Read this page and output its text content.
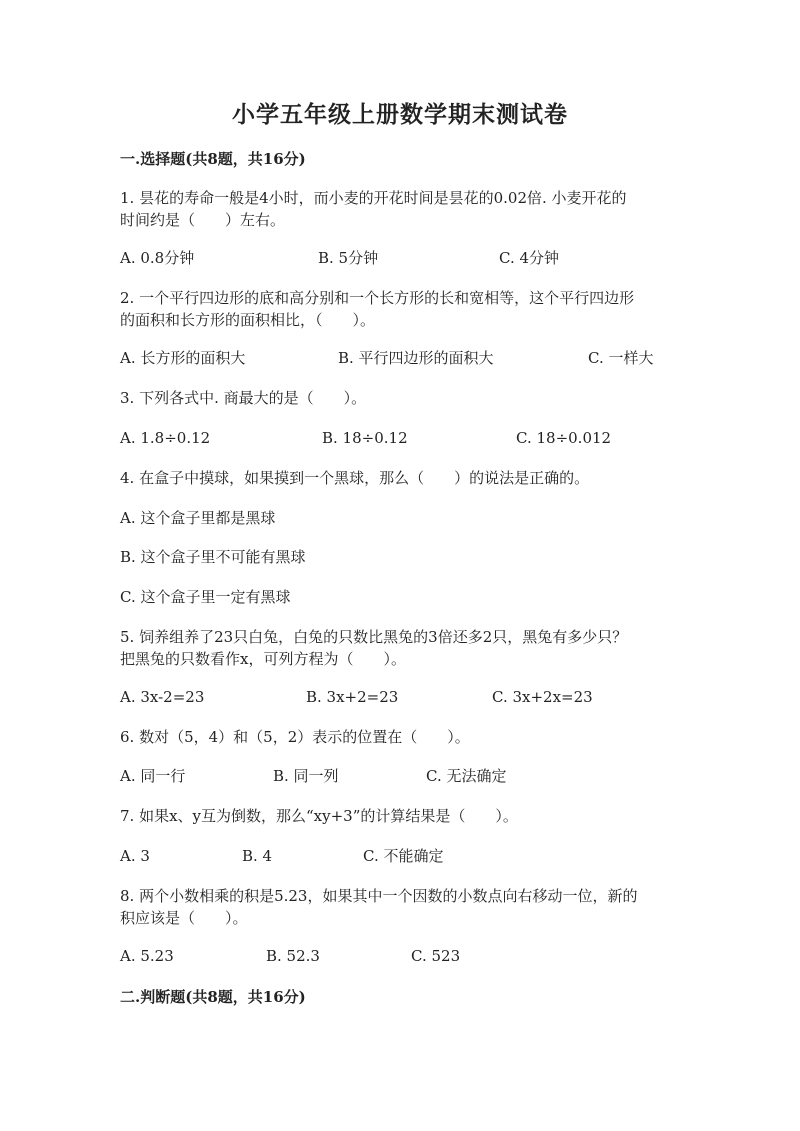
小学五年级上册数学期末测试卷
一.选择题(共8题，共16分)
1. 昙花的寿命一般是4小时，而小麦的开花时间是昙花的0.02倍. 小麦开花的
时间约是（　　）左右。
A. 0.8分钟	B. 5分钟	C. 4分钟
2. 一个平行四边形的底和高分别和一个长方形的长和宽相等，这个平行四边形
的面积和长方形的面积相比，（　　）。
A. 长方形的面积大	B. 平行四边形的面积大	C. 一样大
3. 下列各式中. 商最大的是（　　）。
A. 1.8÷0.12	B. 18÷0.12	C. 18÷0.012
4. 在盒子中摸球，如果摸到一个黑球，那么（　　）的说法是正确的。
A. 这个盒子里都是黑球
B. 这个盒子里不可能有黑球
C. 这个盒子里一定有黑球
5. 饲养组养了23只白兔，白兔的只数比黑兔的3倍还多2只，黑兔有多少只？
把黑兔的只数看作x，可列方程为（　　）。
A. 3x-2=23	B. 3x+2=23	C. 3x+2x=23
6. 数对（5，4）和（5，2）表示的位置在（　　）。
A. 同一行	B. 同一列	C. 无法确定
7. 如果x、y互为倒数，那么“xy+3”的计算结果是（　　）。
A. 3	B. 4	C. 不能确定
8. 两个小数相乘的积是5.23，如果其中一个因数的小数点向右移动一位，新的
积应该是（　　）。
A. 5.23	B. 52.3	C. 523
二.判断题(共8题，共16分)
